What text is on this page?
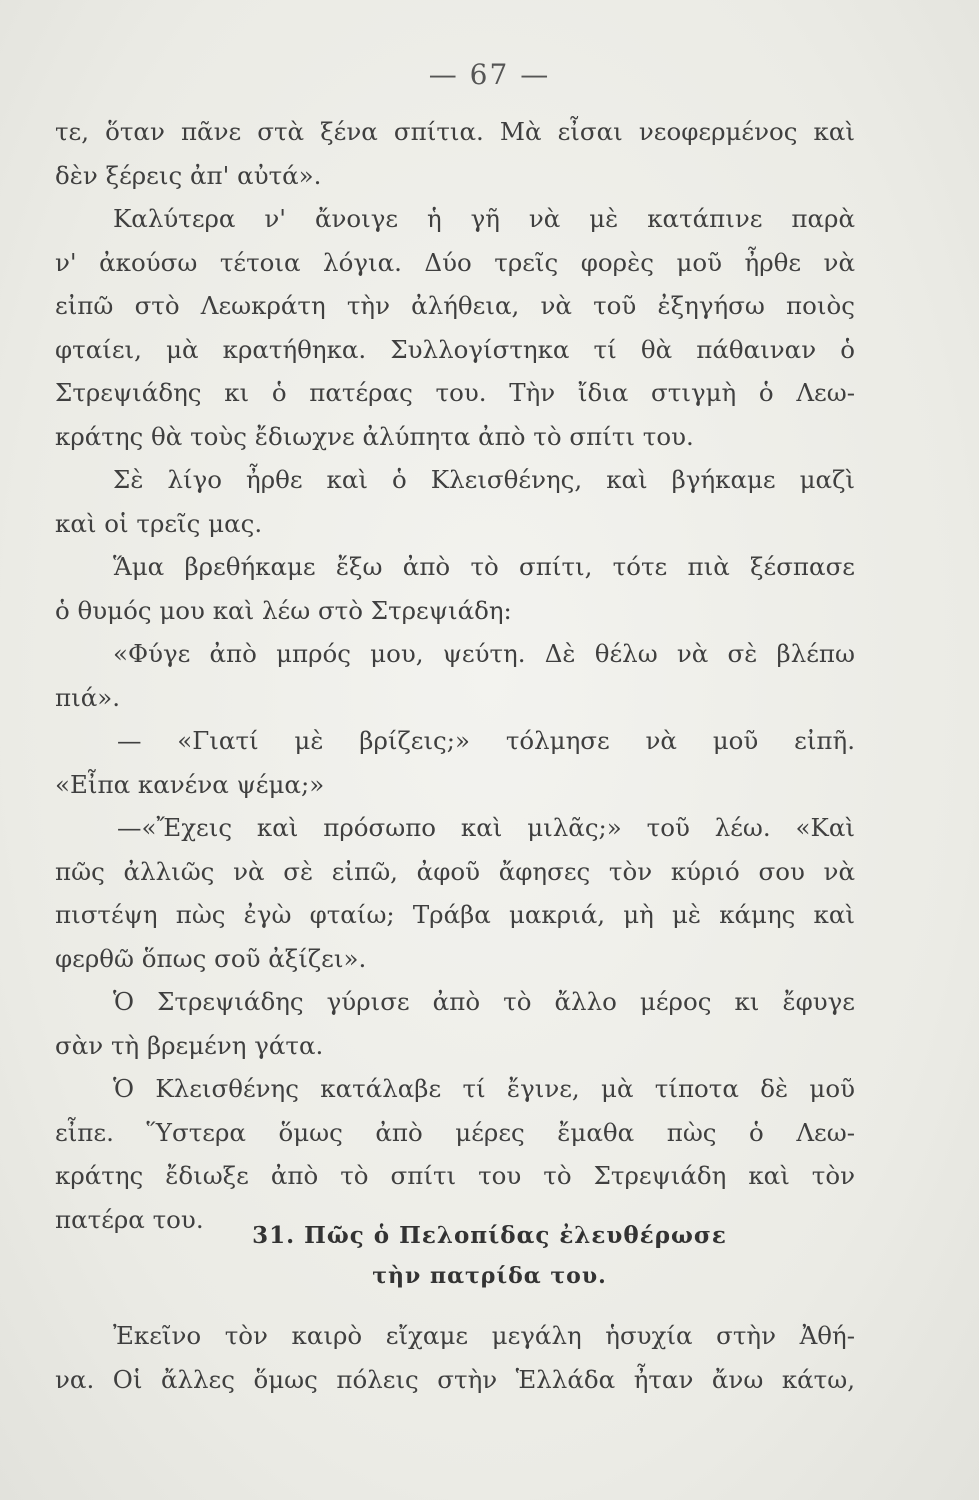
— 67 —
τε, ὅταν πᾶνε στὰ ξένα σπίτια. Μὰ εἶσαι νεοφερμένος καὶ
δὲν ξέρεις ἀπ' αὐτά».
Καλύτερα ν' ἄνοιγε ἡ γῆ νὰ μὲ κατάπινε παρὰ
ν' ἀκούσω τέτοια λόγια. Δύο τρεῖς φορὲς μοῦ ἦρθε νὰ
εἰπῶ στὸ Λεωκράτη τὴν ἀλήθεια, νὰ τοῦ ἐξηγήσω ποιὸς
φταίει, μὰ κρατήθηκα. Συλλογίστηκα τί θὰ πάθαιναν ὁ
Στρεψιάδης κι ὁ πατέρας του. Τὴν ἴδια στιγμὴ ὁ Λεω-
κράτης θὰ τοὺς ἔδιωχνε ἀλύπητα ἀπὸ τὸ σπίτι του.
Σὲ λίγο ἦρθε καὶ ὁ Κλεισθένης, καὶ βγήκαμε μαζὶ
καὶ οἱ τρεῖς μας.
Ἅμα βρεθήκαμε ἔξω ἀπὸ τὸ σπίτι, τότε πιὰ ξέσπασε
ὁ θυμός μου καὶ λέω στὸ Στρεψιάδη:
«Φύγε ἀπὸ μπρός μου, ψεύτη. Δὲ θέλω νὰ σὲ βλέπω
πιά».
— «Γιατί μὲ βρίζεις;» τόλμησε νὰ μοῦ εἰπῆ.
«Εἶπα κανένα ψέμα;»
—«Ἔχεις καὶ πρόσωπο καὶ μιλᾶς;» τοῦ λέω. «Καὶ
πῶς ἀλλιῶς νὰ σὲ εἰπῶ, ἀφοῦ ἄφησες τὸν κύριό σου νὰ
πιστέψη πὼς ἐγὼ φταίω; Τράβα μακριά, μὴ μὲ κάμης καὶ
φερθῶ ὅπως σοῦ ἀξίζει».
Ὁ Στρεψιάδης γύρισε ἀπὸ τὸ ἄλλο μέρος κι ἔφυγε
σὰν τὴ βρεμένη γάτα.
Ὁ Κλεισθένης κατάλαβε τί ἔγινε, μὰ τίποτα δὲ μοῦ
εἶπε. Ὕστερα ὅμως ἀπὸ μέρες ἔμαθα πὼς ὁ Λεω-
κράτης ἔδιωξε ἀπὸ τὸ σπίτι του τὸ Στρεψιάδη καὶ τὸν
πατέρα του.
31. Πῶς ὁ Πελοπίδας ἐλευθέρωσε
τὴν πατρίδα του.
Ἐκεῖνο τὸν καιρὸ εἴχαμε μεγάλη ἡσυχία στὴν Ἀθή-
να. Οἱ ἄλλες ὅμως πόλεις στὴν Ἑλλάδα ἦταν ἄνω κάτω,
